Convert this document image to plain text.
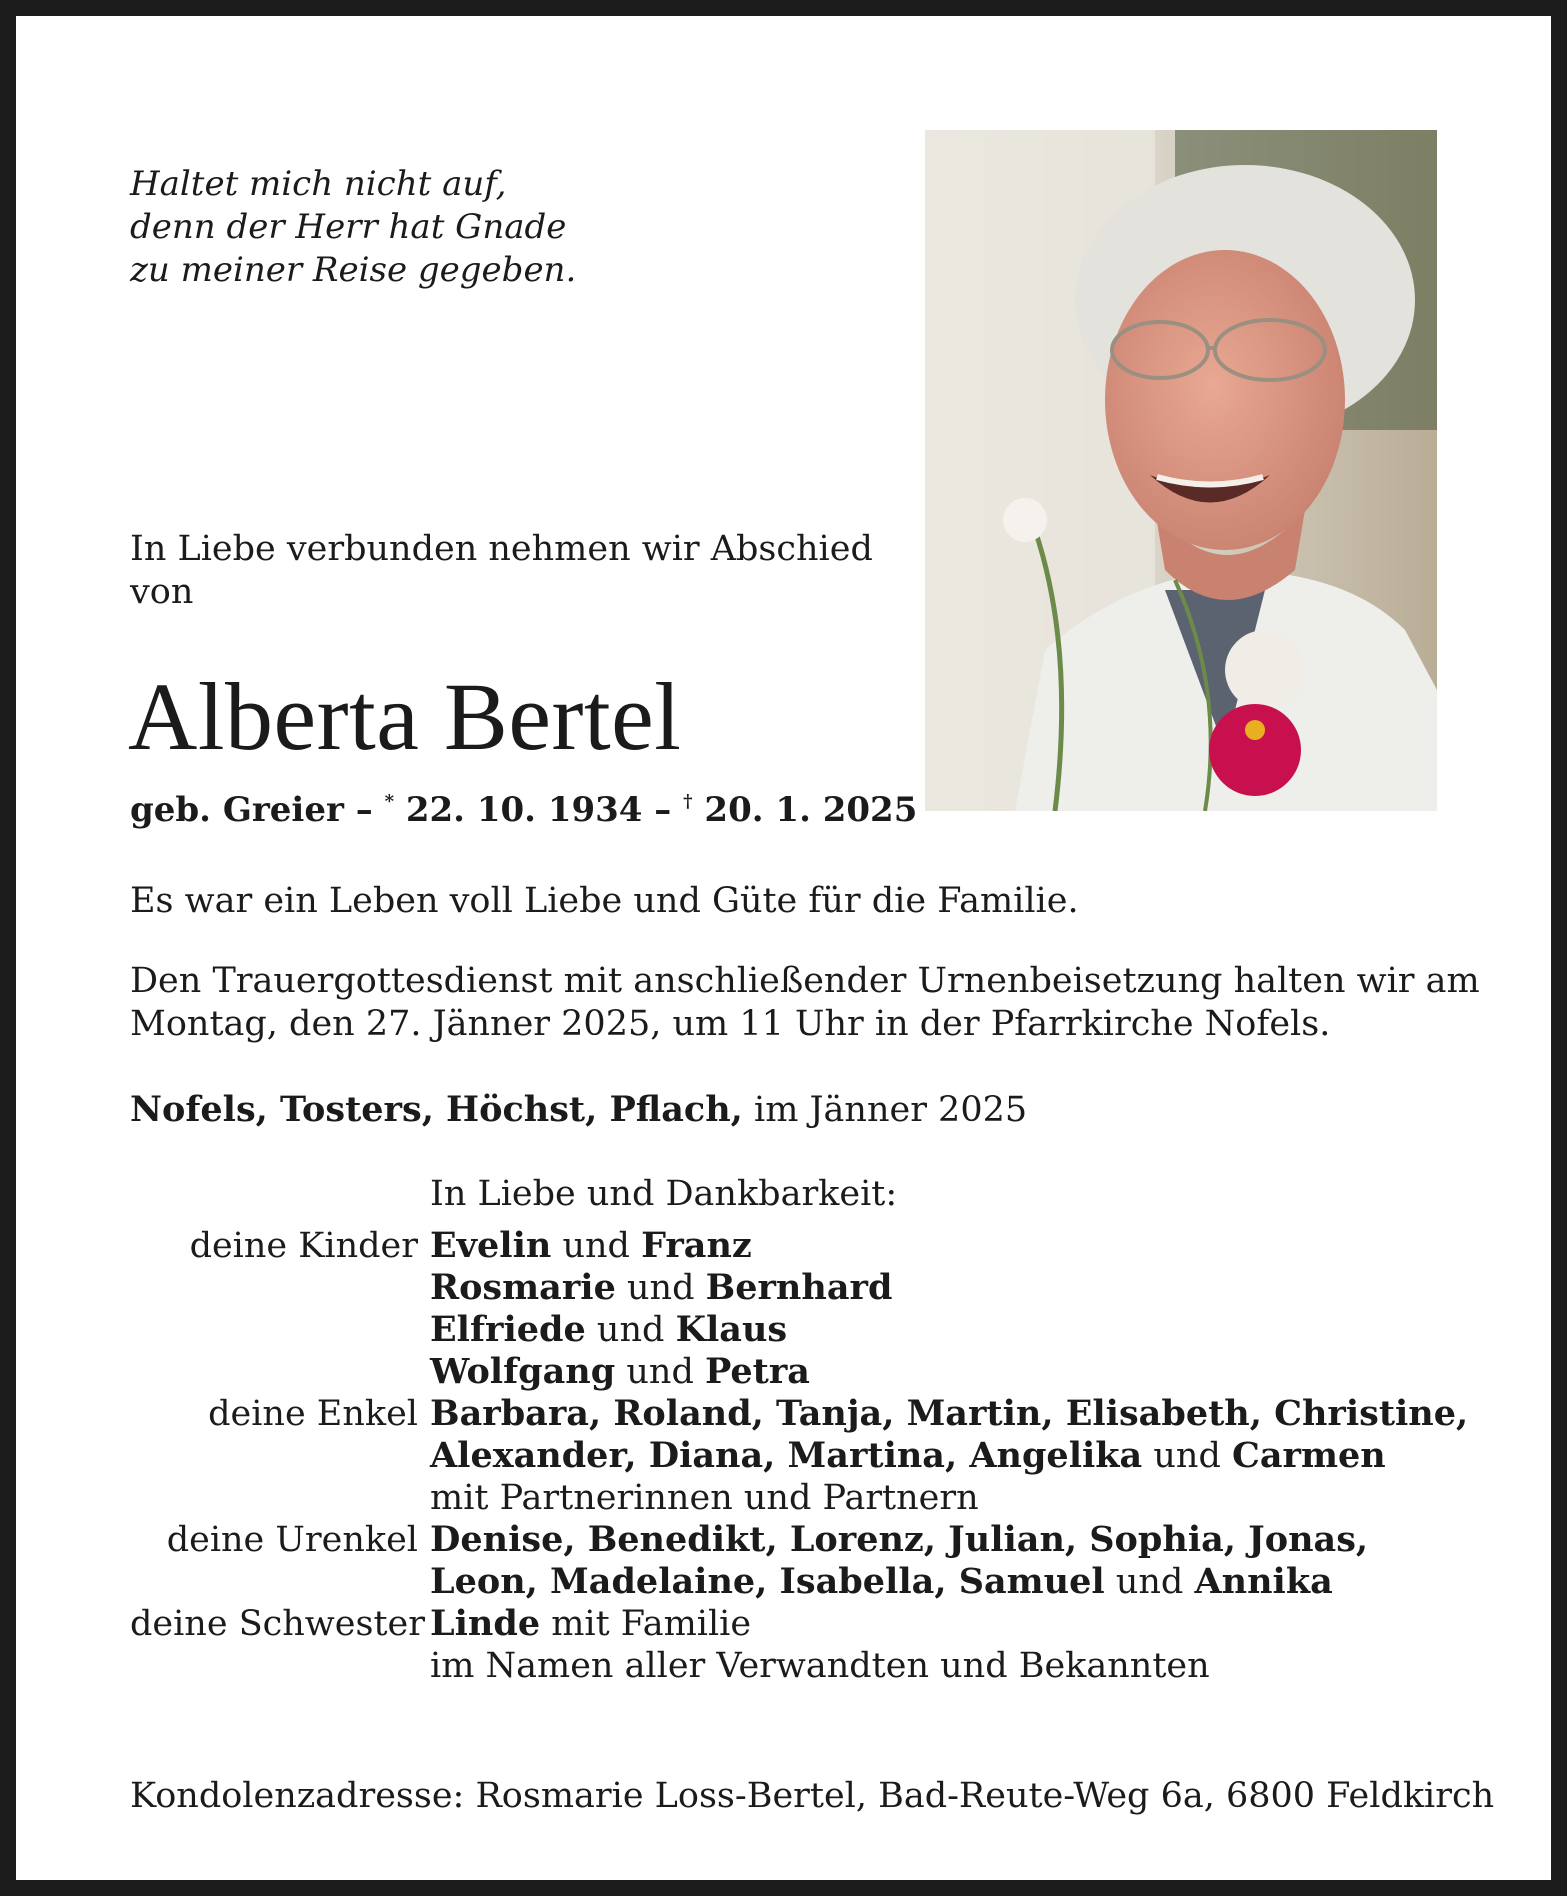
Haltet mich nicht auf,
denn der Herr hat Gnade
zu meiner Reise gegeben.
In Liebe verbunden nehmen wir Abschied
von
Alberta Bertel
geb. Greier – * 22. 10. 1934 – † 20. 1. 2025

Es war ein Leben voll Liebe und Güte für die Familie.

Den Trauergottesdienst mit anschließender Urnenbeisetzung halten wir am
Montag, den 27. Jänner 2025, um 11 Uhr in der Pfarrkirche Nofels.
Nofels, Tosters, Höchst, Pflach, im Jänner 2025
In Liebe und Dankbarkeit:
deine Kinder Evelin und Franz
Rosmarie und Bernhard
Elfriede und Klaus
Wolfgang und Petra
deine Enkel Barbara, Roland, Tanja, Martin, Elisabeth, Christine,
Alexander, Diana, Martina, Angelika und Carmen
mit Partnerinnen und Partnern
deine Urenkel Denise, Benedikt, Lorenz, Julian, Sophia, Jonas,
Leon, Madelaine, Isabella, Samuel und Annika
deine Schwester Linde mit Familie
im Namen aller Verwandten und Bekannten
Kondolenzadresse: Rosmarie Loss-Bertel, Bad-Reute-Weg 6a, 6800 Feldkirch
